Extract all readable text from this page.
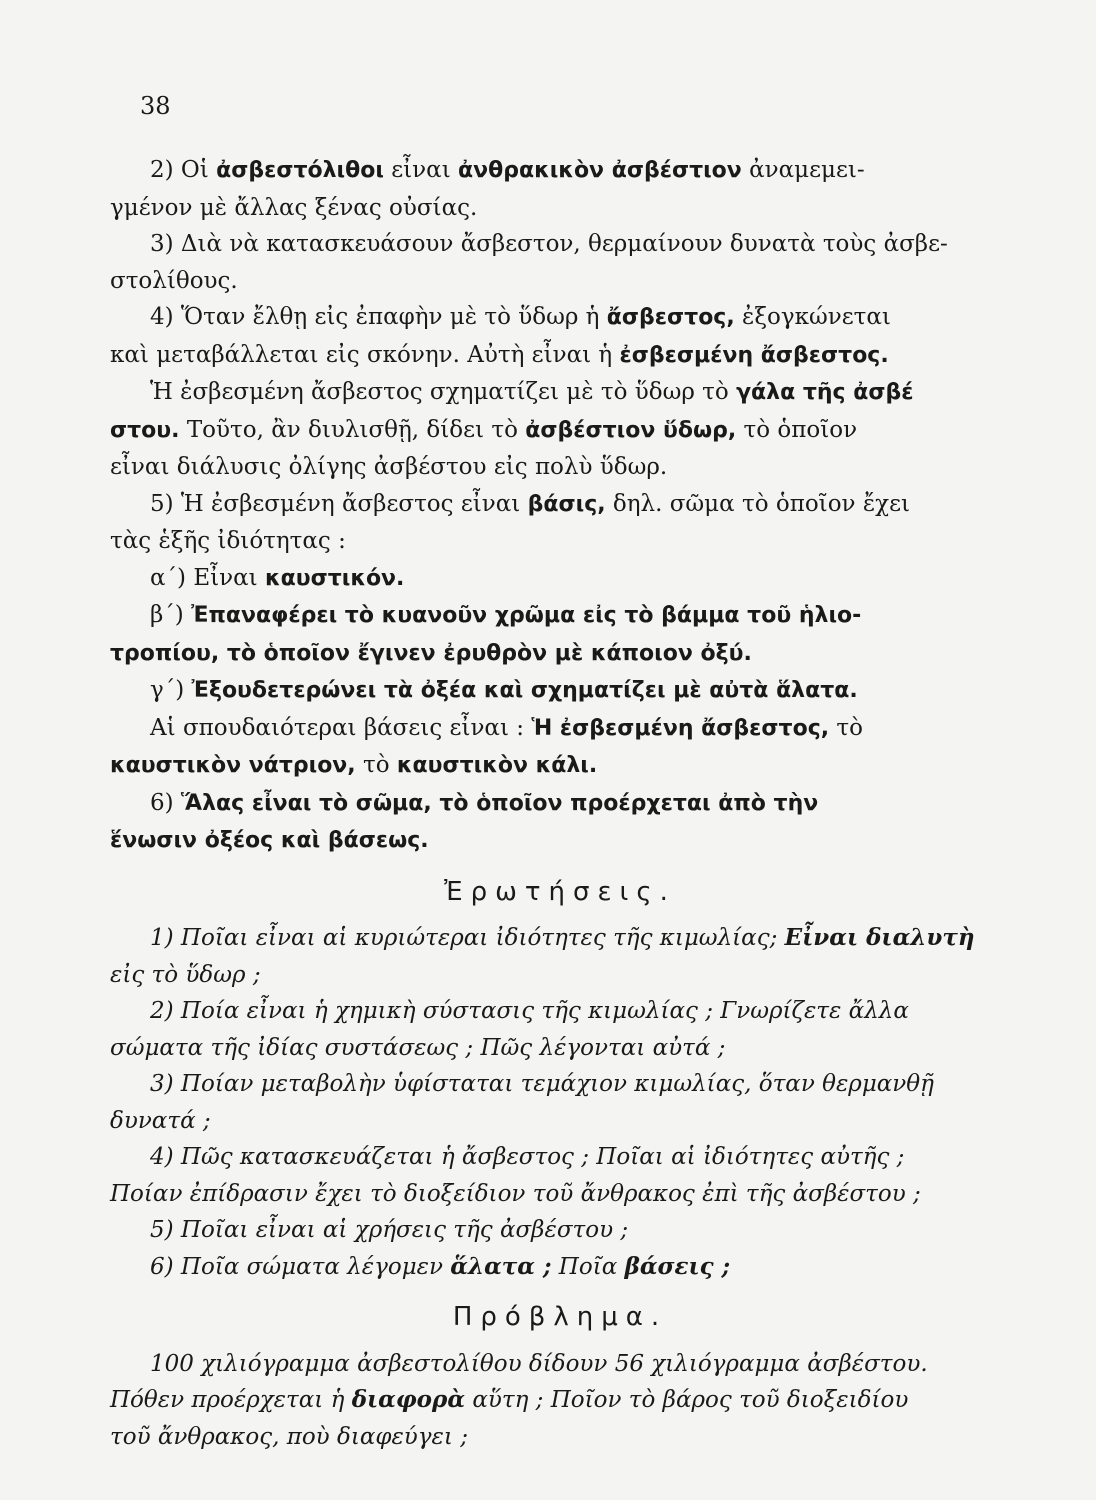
38

2) Οἱ ἀσβεστόλιθοι εἶναι ἀνθρακικὸν ἀσβέστιον ἀναμεμει-

γμένον μὲ ἄλλας ξένας οὐσίας.

3) Διὰ νὰ κατασκευάσουν ἄσβεστον, θερμαίνουν δυνατὰ τοὺς ἀσβε-

στολίθους.

4) Ὅταν ἔλθῃ εἰς ἐπαφὴν μὲ τὸ ὕδωρ ἡ ἄσβεστος, ἐξογκώνεται

καὶ μεταβάλλεται εἰς σκόνην. Αὐτὴ εἶναι ἡ ἐσβεσμένη ἄσβεστος.

Ἡ ἐσβεσμένη ἄσβεστος σχηματίζει μὲ τὸ ὕδωρ τὸ γάλα τῆς ἀσβέ

στου. Τοῦτο, ἂν διυλισθῇ, δίδει τὸ ἀσβέστιον ὕδωρ, τὸ ὁποῖον

εἶναι διάλυσις ὀλίγης ἀσβέστου εἰς πολὺ ὕδωρ.

5) Ἡ ἐσβεσμένη ἄσβεστος εἶναι βάσις, δηλ. σῶμα τὸ ὁποῖον ἔχει

τὰς ἑξῆς ἰδιότητας :

α΄) Εἶναι καυστικόν.

β΄) Ἐπαναφέρει τὸ κυανοῦν χρῶμα εἰς τὸ βάμμα τοῦ ἡλιο-

τροπίου, τὸ ὁποῖον ἔγινεν ἐρυθρὸν μὲ κάποιον ὀξύ.

γ΄) Ἐξουδετερώνει τὰ ὀξέα καὶ σχηματίζει μὲ αὐτὰ ἅλατα.

Αἱ σπουδαιότεραι βάσεις εἶναι : Ἡ ἐσβεσμένη ἄσβεστος, τὸ

καυστικὸν νάτριον, τὸ καυστικὸν κάλι.

6) Ἅλας εἶναι τὸ σῶμα, τὸ ὁποῖον προέρχεται ἀπὸ τὴν

ἕνωσιν ὀξέος καὶ βάσεως.

Ἐρωτήσεις.

1) Ποῖαι εἶναι αἱ κυριώτεραι ἰδιότητες τῆς κιμωλίας; Εἶναι διαλυτὴ

εἰς τὸ ὕδωρ ;

2) Ποία εἶναι ἡ χημικὴ σύστασις τῆς κιμωλίας ; Γνωρίζετε ἄλλα

σώματα τῆς ἰδίας συστάσεως ; Πῶς λέγονται αὐτά ;

3) Ποίαν μεταβολὴν ὑφίσταται τεμάχιον κιμωλίας, ὅταν θερμανθῇ

δυνατά ;

4) Πῶς κατασκευάζεται ἡ ἄσβεστος ; Ποῖαι αἱ ἰδιότητες αὐτῆς ;

Ποίαν ἐπίδρασιν ἔχει τὸ διοξείδιον τοῦ ἄνθρακος ἐπὶ τῆς ἀσβέστου ;

5) Ποῖαι εἶναι αἱ χρήσεις τῆς ἀσβέστου ;

6) Ποῖα σώματα λέγομεν ἅλατα ; Ποῖα βάσεις ;

Πρόβλημα.

100 χιλιόγραμμα ἀσβεστολίθου δίδουν 56 χιλιόγραμμα ἀσβέστου.

Πόθεν προέρχεται ἡ διαφορὰ αὕτη ; Ποῖον τὸ βάρος τοῦ διοξειδίου

τοῦ ἄνθρακος, ποὺ διαφεύγει ;
